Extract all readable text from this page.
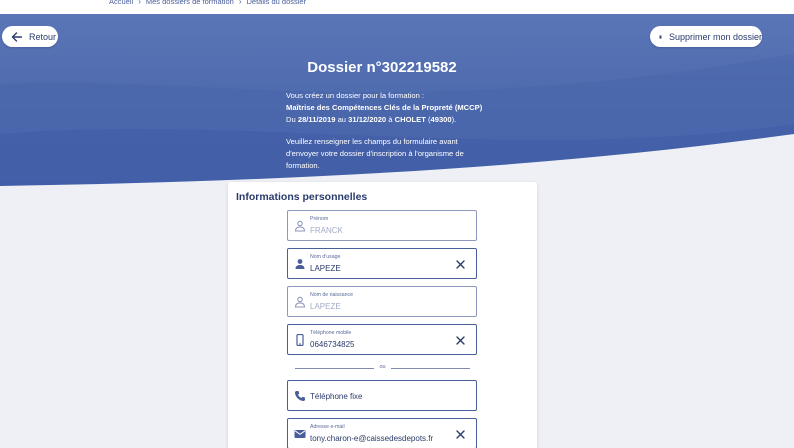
Accueil › Mes dossiers de formation › Détails du dossier
Retour	Supprimer mon dossier
Dossier n°302219582

Vous créez un dossier pour la formation :

Maîtrise des Compétences Clés de la Propreté (MCCP)

Du 28/11/2019 au 31/12/2020 à CHOLET (49300).

Veuillez renseigner les champs du formulaire avant d'envoyer votre dossier d'inscription à l'organisme de formation.

Informations personnelles
Prénom
FRANCK
Nom d'usage
LAPEZE
Nom de naissance
LAPEZE
Téléphone mobile
0646734825
ou
Téléphone fixe
Adresse e-mail
tony.charon-e@caissedesdepots.fr
